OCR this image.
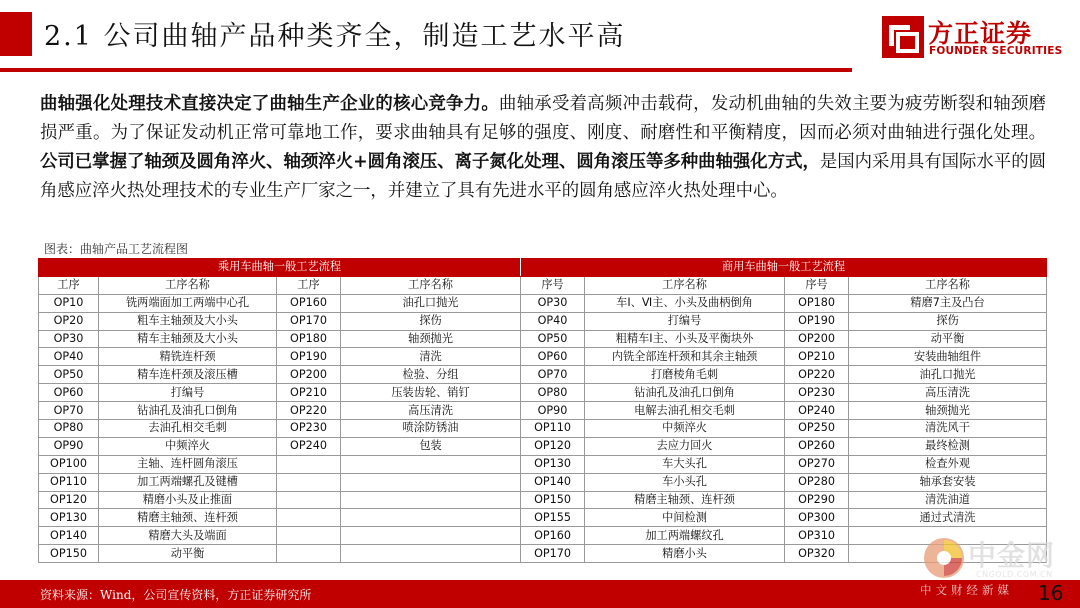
2.1 公司曲轴产品种类齐全，制造工艺水平高	方正证券
FOUNDER SECURITIES
曲轴强化处理技术直接决定了曲轴生产企业的核心竞争力。曲轴承受着高频冲击载荷，发动机曲轴的失效主要为疲劳断裂和轴颈磨损严重。为了保证发动机正常可靠地工作，要求曲轴具有足够的强度、刚度、耐磨性和平衡精度，因而必须对曲轴进行强化处理。公司已掌握了轴颈及圆角淬火、轴颈淬火+圆角滚压、离子氮化处理、圆角滚压等多种曲轴强化方式，是国内采用具有国际水平的圆角感应淬火热处理技术的专业生产厂家之一，并建立了具有先进水平的圆角感应淬火热处理中心。
图表：曲轴产品工艺流程图
乘用车曲轴一般工艺流程				商用车曲轴一般工艺流程			
工序	工序名称	工序	工序名称	序号	工序名称	序号	工序名称
OP10	铣两端面加工两端中心孔	OP160	油孔口抛光	OP30	车Ⅰ、Ⅵ主、小头及曲柄倒角	OP180	精磨7主及凸台
OP20	粗车主轴颈及大小头	OP170	探伤	OP40	打编号	OP190	探伤
OP30	精车主轴颈及大小头	OP180	轴颈抛光	OP50	粗精车Ⅰ主、小头及平衡块外	OP200	动平衡
OP40	精铣连杆颈	OP190	清洗	OP60	内铣全部连杆颈和其余主轴颈	OP210	安装曲轴组件
OP50	精车连杆颈及滚压槽	OP200	检验、分组	OP70	打磨棱角毛刺	OP220	油孔口抛光
OP60	打编号	OP210	压装齿轮、销钉	OP80	钻油孔及油孔口倒角	OP230	高压清洗
OP70	钻油孔及油孔口倒角	OP220	高压清洗	OP90	电解去油孔相交毛刺	OP240	轴颈抛光
OP80	去油孔相交毛刺	OP230	喷涂防锈油	OP110	中频淬火	OP250	清洗风干
OP90	中频淬火	OP240	包装	OP120	去应力回火	OP260	最终检测
OP100	主轴、连杆圆角滚压			OP130	车大头孔	OP270	检查外观
OP110	加工两端螺孔及键槽			OP140	车小头孔	OP280	轴承套安装
OP120	精磨小头及止推面			OP150	精磨主轴颈、连杆颈	OP290	清洗油道
OP130	精磨主轴颈、连杆颈			OP155	中间检测	OP300	通过式清洗
OP140	精磨大头及端面			OP160	加工两端螺纹孔	OP310	
OP150	动平衡			OP170	精磨小头	OP320	
资料来源：Wind，公司宣传资料，方正证券研究所
中金网
CNGOLD.COM.CN
中文财经新媒 16
